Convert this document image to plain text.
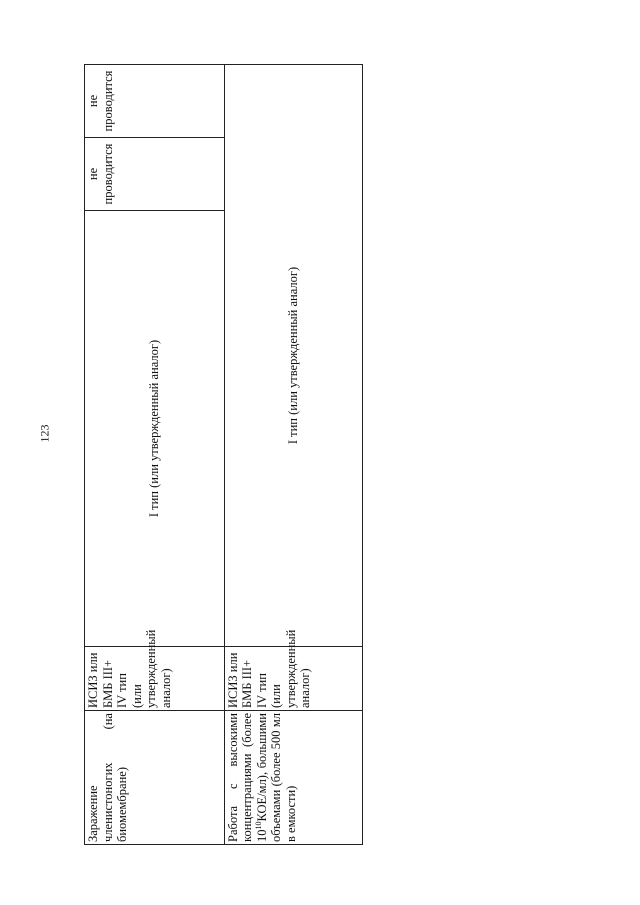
123
Заражение членистоногих (на биомембране)	ИСИЗ или БМБ III+ IV тип (или утвержденный аналог)	I тип (или утвержденный аналог)	не проводится	не проводится
Работа с высокими концентрациями (более $10^{10}КОЕ/мл$), большими объемами (более 500 мл в емкости)	ИСИЗ или БМБ III+ IV тип (или утвержденный аналог)	I тип (или утвержденный аналог)		
